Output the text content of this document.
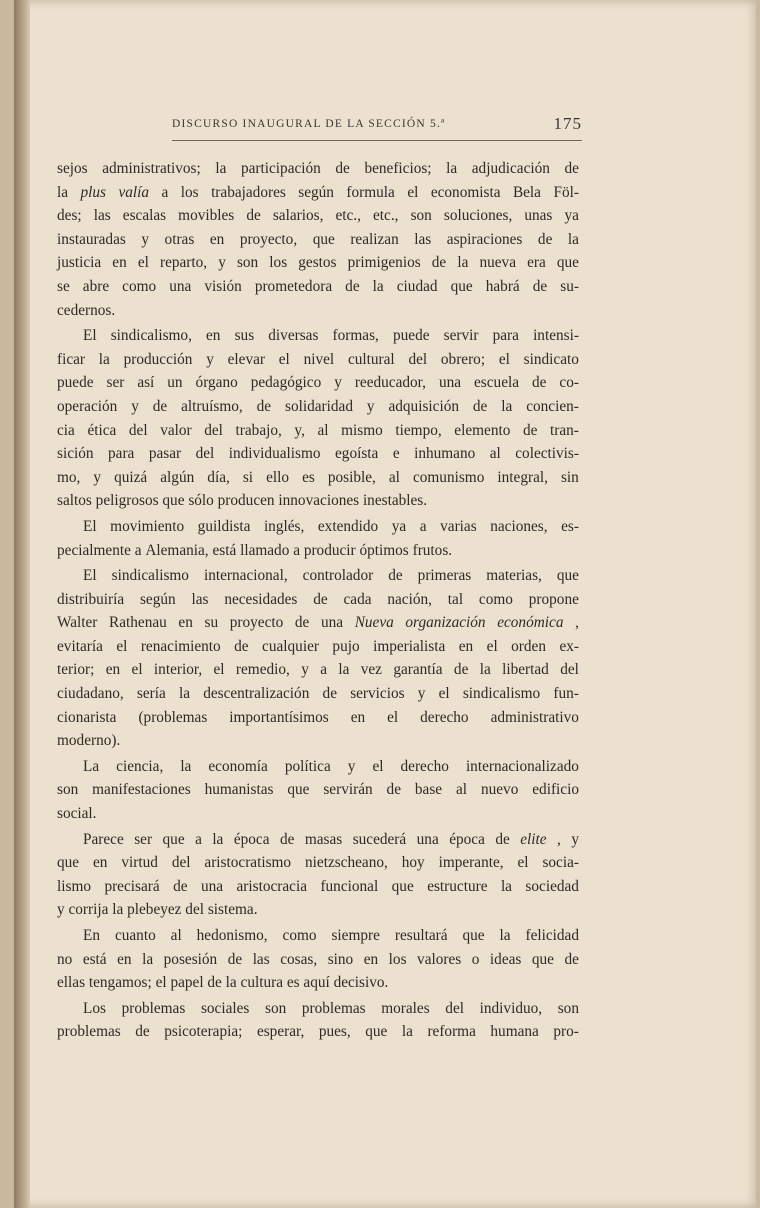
DISCURSO INAUGURAL DE LA SECCIÓN 5.ª	175
sejos administrativos; la participación de beneficios; la adjudicación de
la plus valía a los trabajadores según formula el economista Bela Föl-
des; las escalas movibles de salarios, etc., etc., son soluciones, unas ya
instauradas y otras en proyecto, que realizan las aspiraciones de la
justicia en el reparto, y son los gestos primigenios de la nueva era que
se abre como una visión prometedora de la ciudad que habrá de su-
cedernos.
El sindicalismo, en sus diversas formas, puede servir para intensi-
ficar la producción y elevar el nivel cultural del obrero; el sindicato
puede ser así un órgano pedagógico y reeducador, una escuela de co-
operación y de altruísmo, de solidaridad y adquisición de la concien-
cia ética del valor del trabajo, y, al mismo tiempo, elemento de tran-
sición para pasar del individualismo egoísta e inhumano al colectivis-
mo, y quizá algún día, si ello es posible, al comunismo integral, sin
saltos peligrosos que sólo producen innovaciones inestables.
El movimiento guildista inglés, extendido ya a varias naciones, es-
pecialmente a Alemania, está llamado a producir óptimos frutos.
El sindicalismo internacional, controlador de primeras materias, que
distribuiría según las necesidades de cada nación, tal como propone
Walter Rathenau en su proyecto de una Nueva organización económica ,
evitaría el renacimiento de cualquier pujo imperialista en el orden ex-
terior; en el interior, el remedio, y a la vez garantía de la libertad del
ciudadano, sería la descentralización de servicios y el sindicalismo fun-
cionarista (problemas importantísimos en el derecho administrativo
moderno).
La ciencia, la economía política y el derecho internacionalizado
son manifestaciones humanistas que servirán de base al nuevo edificio
social.
Parece ser que a la época de masas sucederá una época de elite , y
que en virtud del aristocratismo nietzscheano, hoy imperante, el socia-
lismo precisará de una aristocracia funcional que estructure la sociedad
y corrija la plebeyez del sistema.
En cuanto al hedonismo, como siempre resultará que la felicidad
no está en la posesión de las cosas, sino en los valores o ideas que de
ellas tengamos; el papel de la cultura es aquí decisivo.
Los problemas sociales son problemas morales del individuo, son
problemas de psicoterapia; esperar, pues, que la reforma humana pro-
